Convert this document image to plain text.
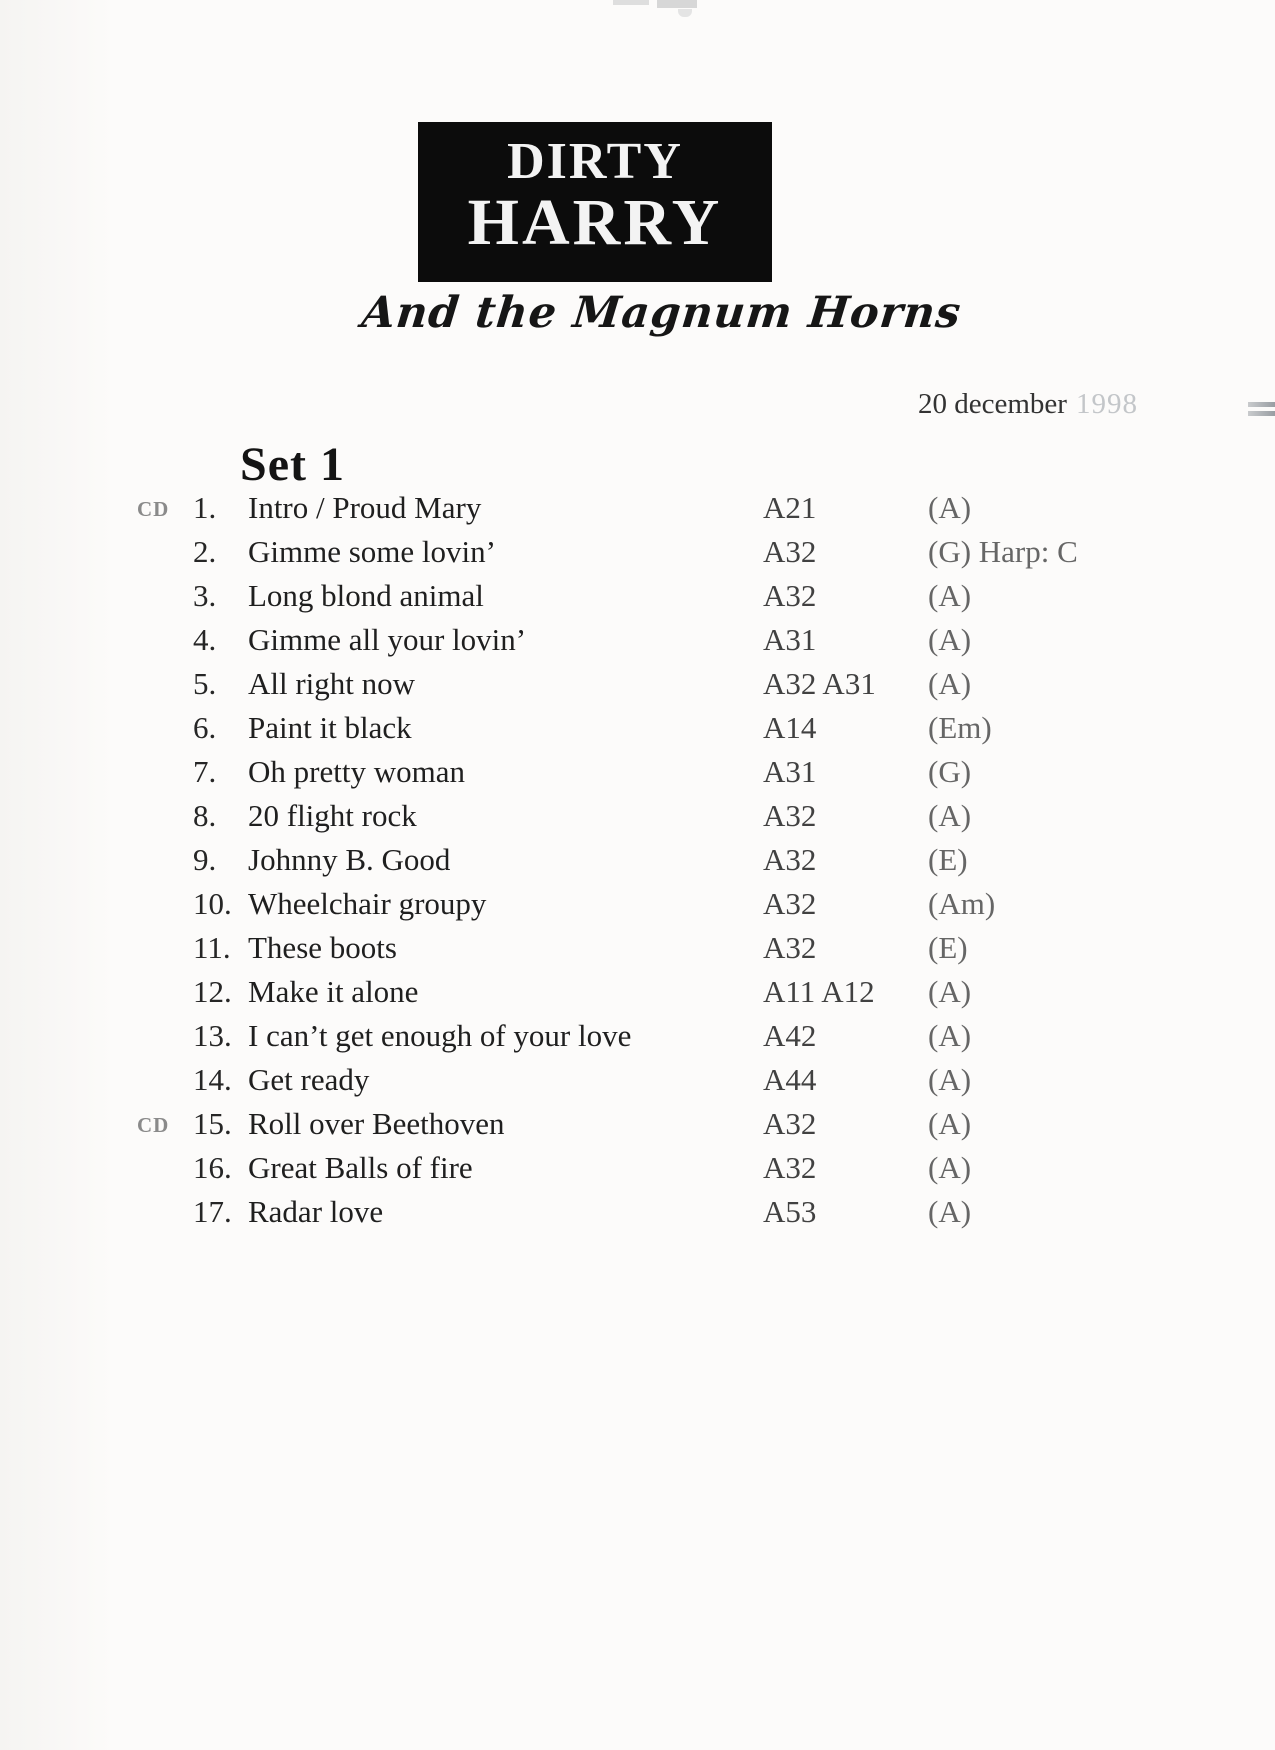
DIRTY
HARRY
And the Magnum Horns
20 december 1998
Set 1
CD 1.	Intro / Proud Mary	A21	(A)
2.	Gimme some lovin’	A32	(G) Harp: C
3.	Long blond animal	A32	(A)
4.	Gimme all your lovin’	A31	(A)
5.	All right now	A32 A31	(A)
6.	Paint it black	A14	(Em)
7.	Oh pretty woman	A31	(G)
8.	20 flight rock	A32	(A)
9.	Johnny B. Good	A32	(E)
10. Wheelchair groupy	A32	(Am)
11. These boots	A32	(E)
12. Make it alone	A11 A12	(A)
13. I can’t get enough of your love	A42	(A)
14. Get ready	A44	(A)
CD 15. Roll over Beethoven	A32	(A)
16. Great Balls of fire	A32	(A)
17. Radar love	A53	(A)
